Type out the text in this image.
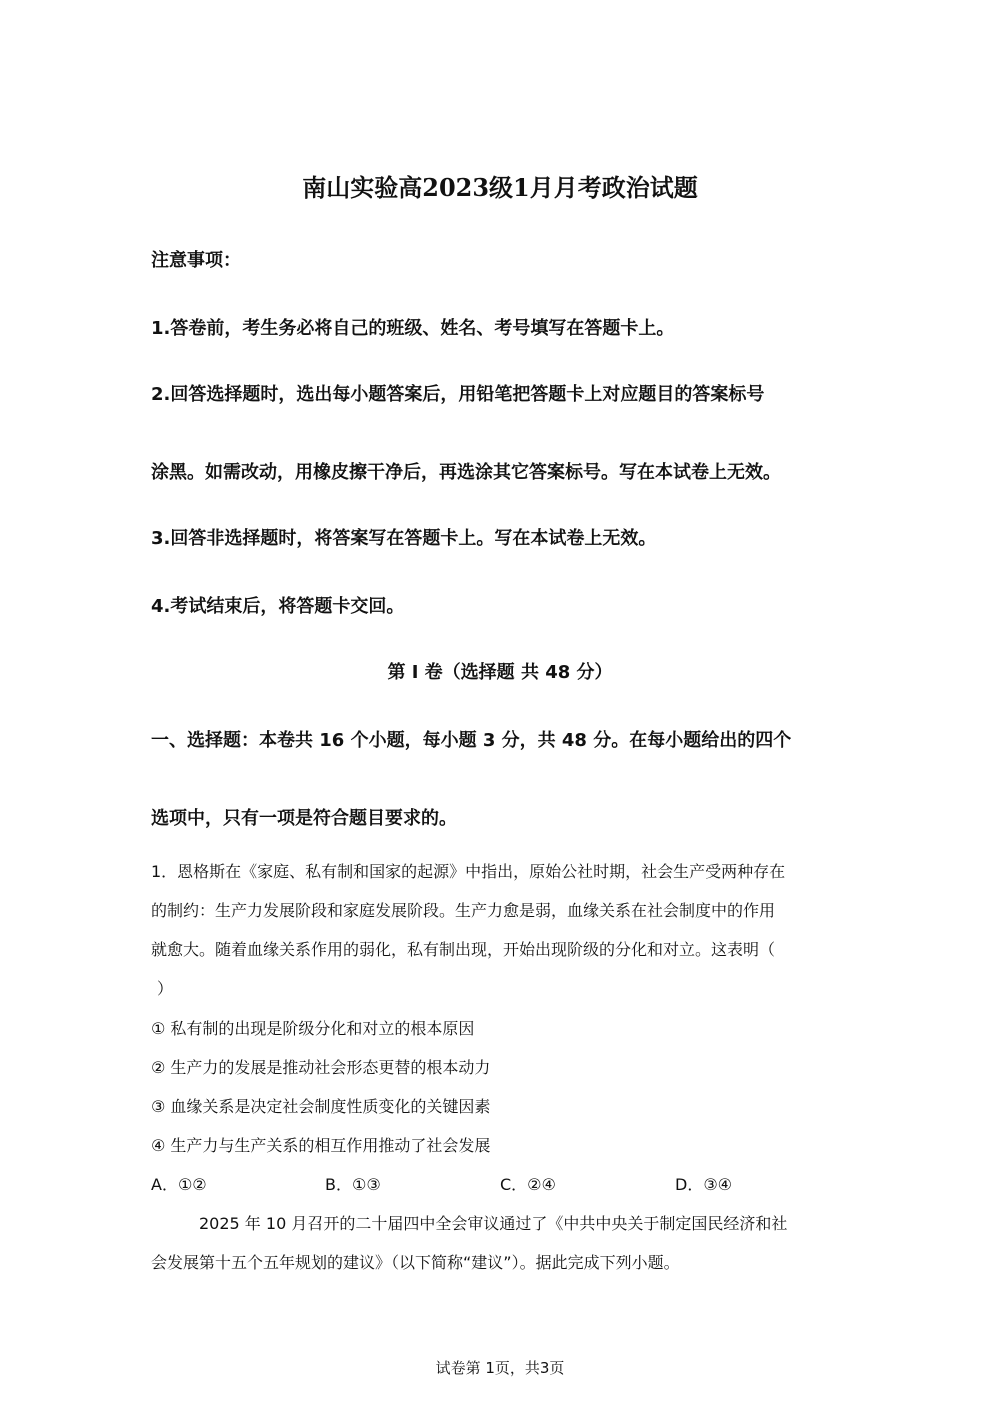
南山实验高2023级1月月考政治试题
注意事项：
1.答卷前，考生务必将自己的班级、姓名、考号填写在答题卡上。
2.回答选择题时，选出每小题答案后，用铅笔把答题卡上对应题目的答案标号
涂黑。如需改动，用橡皮擦干净后，再选涂其它答案标号。写在本试卷上无效。
3.回答非选择题时，将答案写在答题卡上。写在本试卷上无效。
4.考试结束后，将答题卡交回。
第 I 卷（选择题 共 48 分）
一、选择题：本卷共 16 个小题，每小题 3 分，共 48 分。在每小题给出的四个
选项中，只有一项是符合题目要求的。
1．恩格斯在《家庭、私有制和国家的起源》中指出，原始公社时期，社会生产受两种存在
的制约：生产力发展阶段和家庭发展阶段。生产力愈是弱，血缘关系在社会制度中的作用
就愈大。随着血缘关系作用的弱化，私有制出现，开始出现阶级的分化和对立。这表明（
）
① 私有制的出现是阶级分化和对立的根本原因
② 生产力的发展是推动社会形态更替的根本动力
③ 血缘关系是决定社会制度性质变化的关键因素
④ 生产力与生产关系的相互作用推动了社会发展
A．①②	B．①③	C．②④	D．③④
2025 年 10 月召开的二十届四中全会审议通过了《中共中央关于制定国民经济和社
会发展第十五个五年规划的建议》（以下简称“建议”）。据此完成下列小题。
试卷第 1页，共3页
